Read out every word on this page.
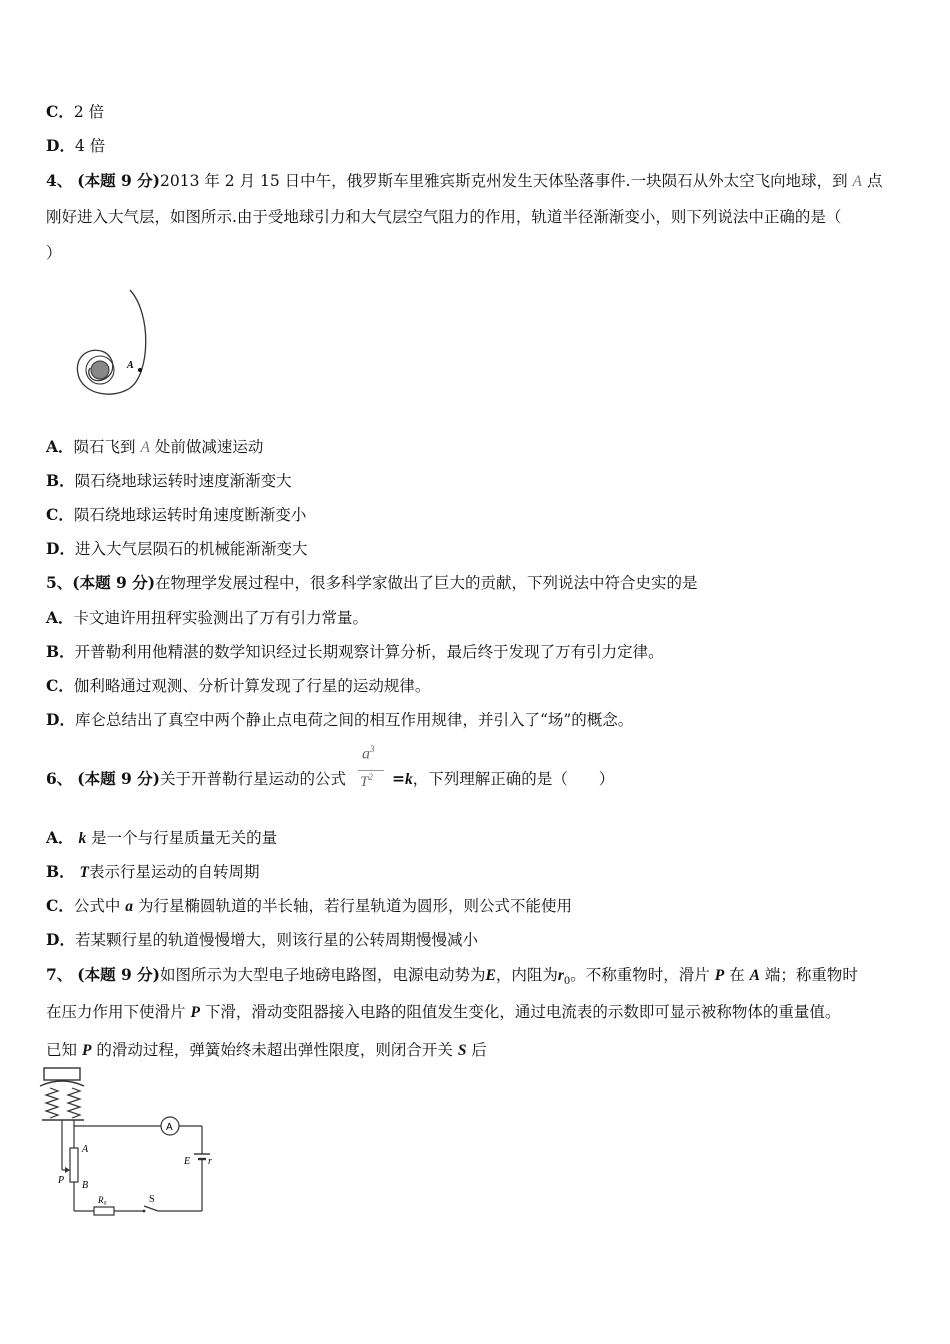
C．2 倍
D．4 倍
4、 (本题 9 分)2013 年 2 月 15 日中午，俄罗斯车里雅宾斯克州发生天体坠落事件.一块陨石从外太空飞向地球，到 A 点
刚好进入大气层，如图所示.由于受地球引力和大气层空气阻力的作用，轨道半径渐渐变小，则下列说法中正确的是（
）
A
A．陨石飞到 A 处前做减速运动
B．陨石绕地球运转时速度渐渐变大
C．陨石绕地球运转时角速度断渐变小
D．进入大气层陨石的机械能渐渐变大
5、(本题 9 分)在物理学发展过程中，很多科学家做出了巨大的贡献，下列说法中符合史实的是
A．卡文迪许用扭秤实验测出了万有引力常量。
B．开普勒利用他精湛的数学知识经过长期观察计算分析，最后终于发现了万有引力定律。
C．伽利略通过观测、分析计算发现了行星的运动规律。
D．库仑总结出了真空中两个静止点电荷之间的相互作用规律，并引入了“场”的概念。
6、 (本题 9 分)关于开普勒行星运动的公式	=k，下列理解正确的是（　　）
$a^3$
$T^2$
A． k 是一个与行星质量无关的量
B． T表示行星运动的自转周期
C．公式中 a 为行星椭圆轨道的半长轴，若行星轨道为圆形，则公式不能使用
D．若某颗行星的轨道慢慢增大，则该行星的公转周期慢慢减小
7、 (本题 9 分)如图所示为大型电子地磅电路图，电源电动势为E，内阻为$r_0$。不称重物时，滑片 P 在 A 端；称重物时
在压力作用下使滑片 P 下滑，滑动变阻器接入电路的阻值发生变化，通过电流表的示数即可显示被称物体的重量值。
已知 P 的滑动过程，弹簧始终未超出弹性限度，则闭合开关 S 后
A
E r
S
R₀
A
B
P
